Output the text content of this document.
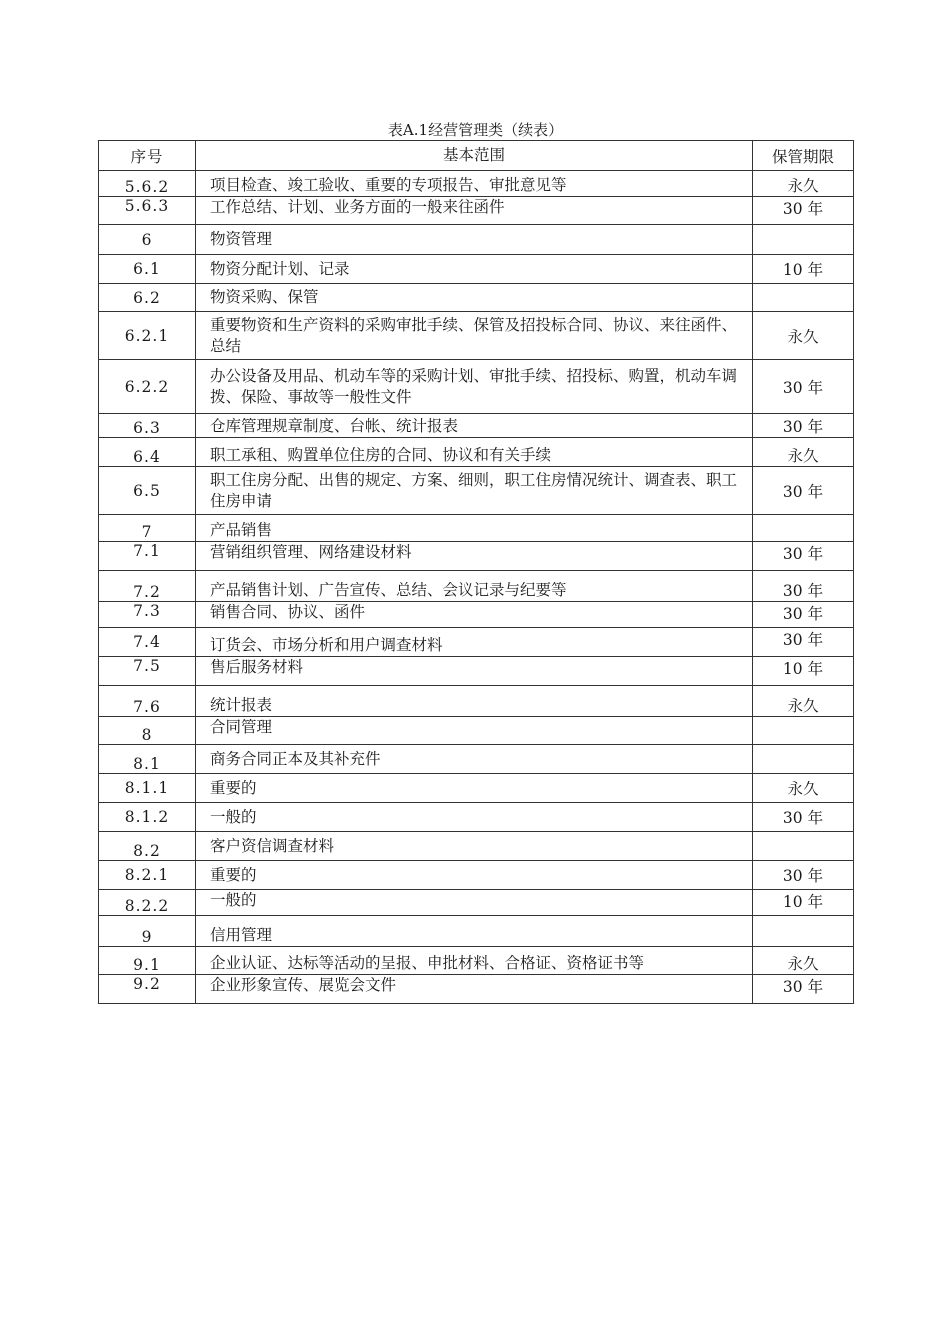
表A.1经营管理类（续表）
序号	基本范围	保管期限
5.6.2	项目检查、竣工验收、重要的专项报告、审批意见等	永久
5.6.3	工作总结、计划、业务方面的一般来往函件	30 年
6	物资管理	
6.1	物资分配计划、记录	10 年
6.2	物资采购、保管	
6.2.1	重要物资和生产资料的采购审批手续、保管及招投标合同、协议、来往函件、总结	永久
6.2.2	办公设备及用品、机动车等的采购计划、审批手续、招投标、购置，机动车调拨、保险、事故等一般性文件	30 年
6.3	仓库管理规章制度、台帐、统计报表	30 年
6.4	职工承租、购置单位住房的合同、协议和有关手续	永久
6.5	职工住房分配、出售的规定、方案、细则，职工住房情况统计、调查表、职工住房申请	30 年
7	产品销售	
7.1	营销组织管理、网络建设材料	30 年
7.2	产品销售计划、广告宣传、总结、会议记录与纪要等	30 年
7.3	销售合同、协议、函件	30 年
7.4	订货会、市场分析和用户调查材料	30 年
7.5	售后服务材料	10 年
7.6	统计报表	永久
8	合同管理	
8.1	商务合同正本及其补充件	
8.1.1	重要的	永久
8.1.2	一般的	30 年
8.2	客户资信调查材料	
8.2.1	重要的	30 年
8.2.2	一般的	10 年
9	信用管理	
9.1	企业认证、达标等活动的呈报、申批材料、合格证、资格证书等	永久
9.2	企业形象宣传、展览会文件	30 年
